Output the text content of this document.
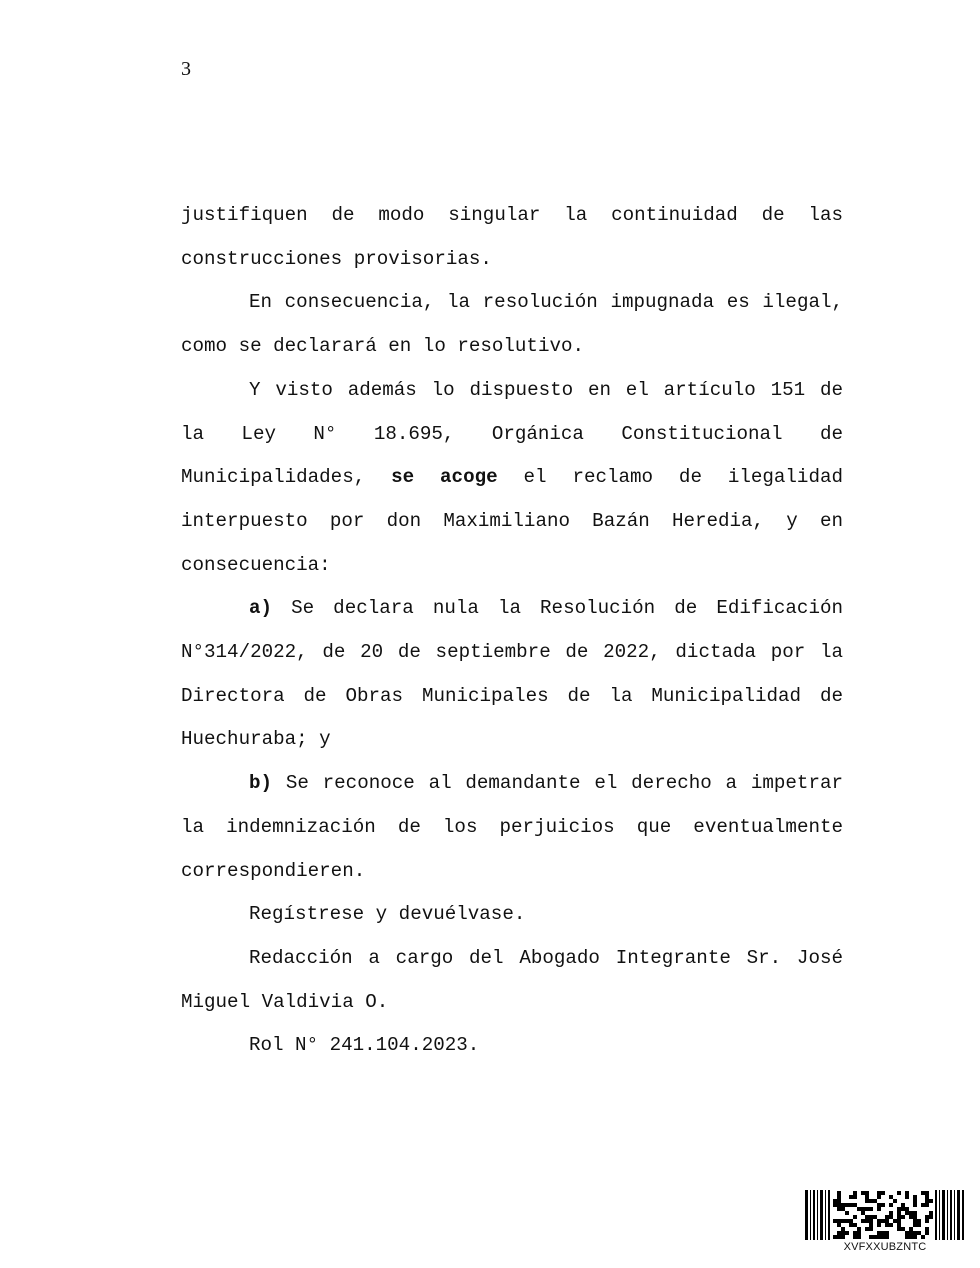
3

justifiquen de modo singular la continuidad de las construcciones provisorias.

En consecuencia, la resolución impugnada es ilegal, como se declarará en lo resolutivo.

Y visto además lo dispuesto en el artículo 151 de la Ley N° 18.695, Orgánica Constitucional de Municipalidades, se acoge el reclamo de ilegalidad interpuesto por don Maximiliano Bazán Heredia, y en consecuencia:

a) Se declara nula la Resolución de Edificación N°314/2022, de 20 de septiembre de 2022, dictada por la Directora de Obras Municipales de la Municipalidad de Huechuraba; y

b) Se reconoce al demandante el derecho a impetrar la indemnización de los perjuicios que eventualmente correspondieren.

Regístrese y devuélvase.

Redacción a cargo del Abogado Integrante Sr. José Miguel Valdivia O.

Rol N° 241.104.2023.

XVFXXUBZNTC
